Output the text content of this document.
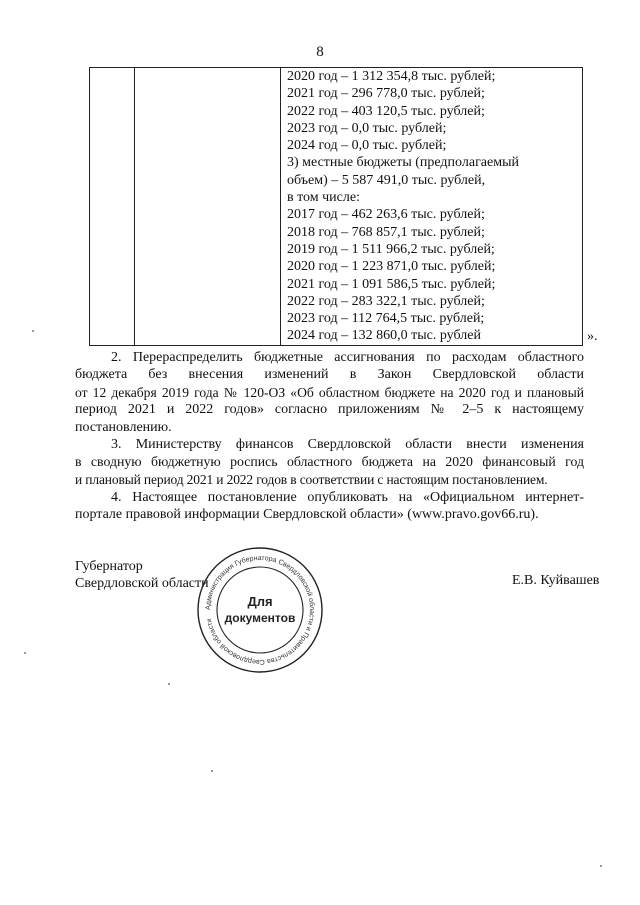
8
2020 год – 1 312 354,8 тыс. рублей;
2021 год – 296 778,0 тыс. рублей;
2022 год – 403 120,5 тыс. рублей;
2023 год – 0,0 тыс. рублей;
2024 год – 0,0 тыс. рублей;
3) местные бюджеты (предполагаемый
объем) – 5 587 491,0 тыс. рублей,
в том числе:
2017 год – 462 263,6 тыс. рублей;
2018 год – 768 857,1 тыс. рублей;
2019 год – 1 511 966,2 тыс. рублей;
2020 год – 1 223 871,0 тыс. рублей;
2021 год – 1 091 586,5 тыс. рублей;
2022 год – 283 322,1 тыс. рублей;
2023 год – 112 764,5 тыс. рублей;
2024 год – 132 860,0 тыс. рублей	».
2. Перераспределить бюджетные ассигнования по расходам областного
бюджета без внесения изменений в Закон Свердловской области
от 12 декабря 2019 года № 120-ОЗ «Об областном бюджете на 2020 год и плановый
период 2021 и 2022 годов» согласно приложениям № 2–5 к настоящему
постановлению.
3. Министерству финансов Свердловской области внести изменения
в сводную бюджетную роспись областного бюджета на 2020 финансовый год
и плановый период 2021 и 2022 годов в соответствии с настоящим постановлением.
4. Настоящее постановление опубликовать на «Официальном интернет-
портале правовой информации Свердловской области» (www.pravo.gov66.ru).
Губернатор
Свердловской области	Е.В. Куйвашев
Администрация Губернатора Свердловской области и Правительства Свердловской области
Для
документов
